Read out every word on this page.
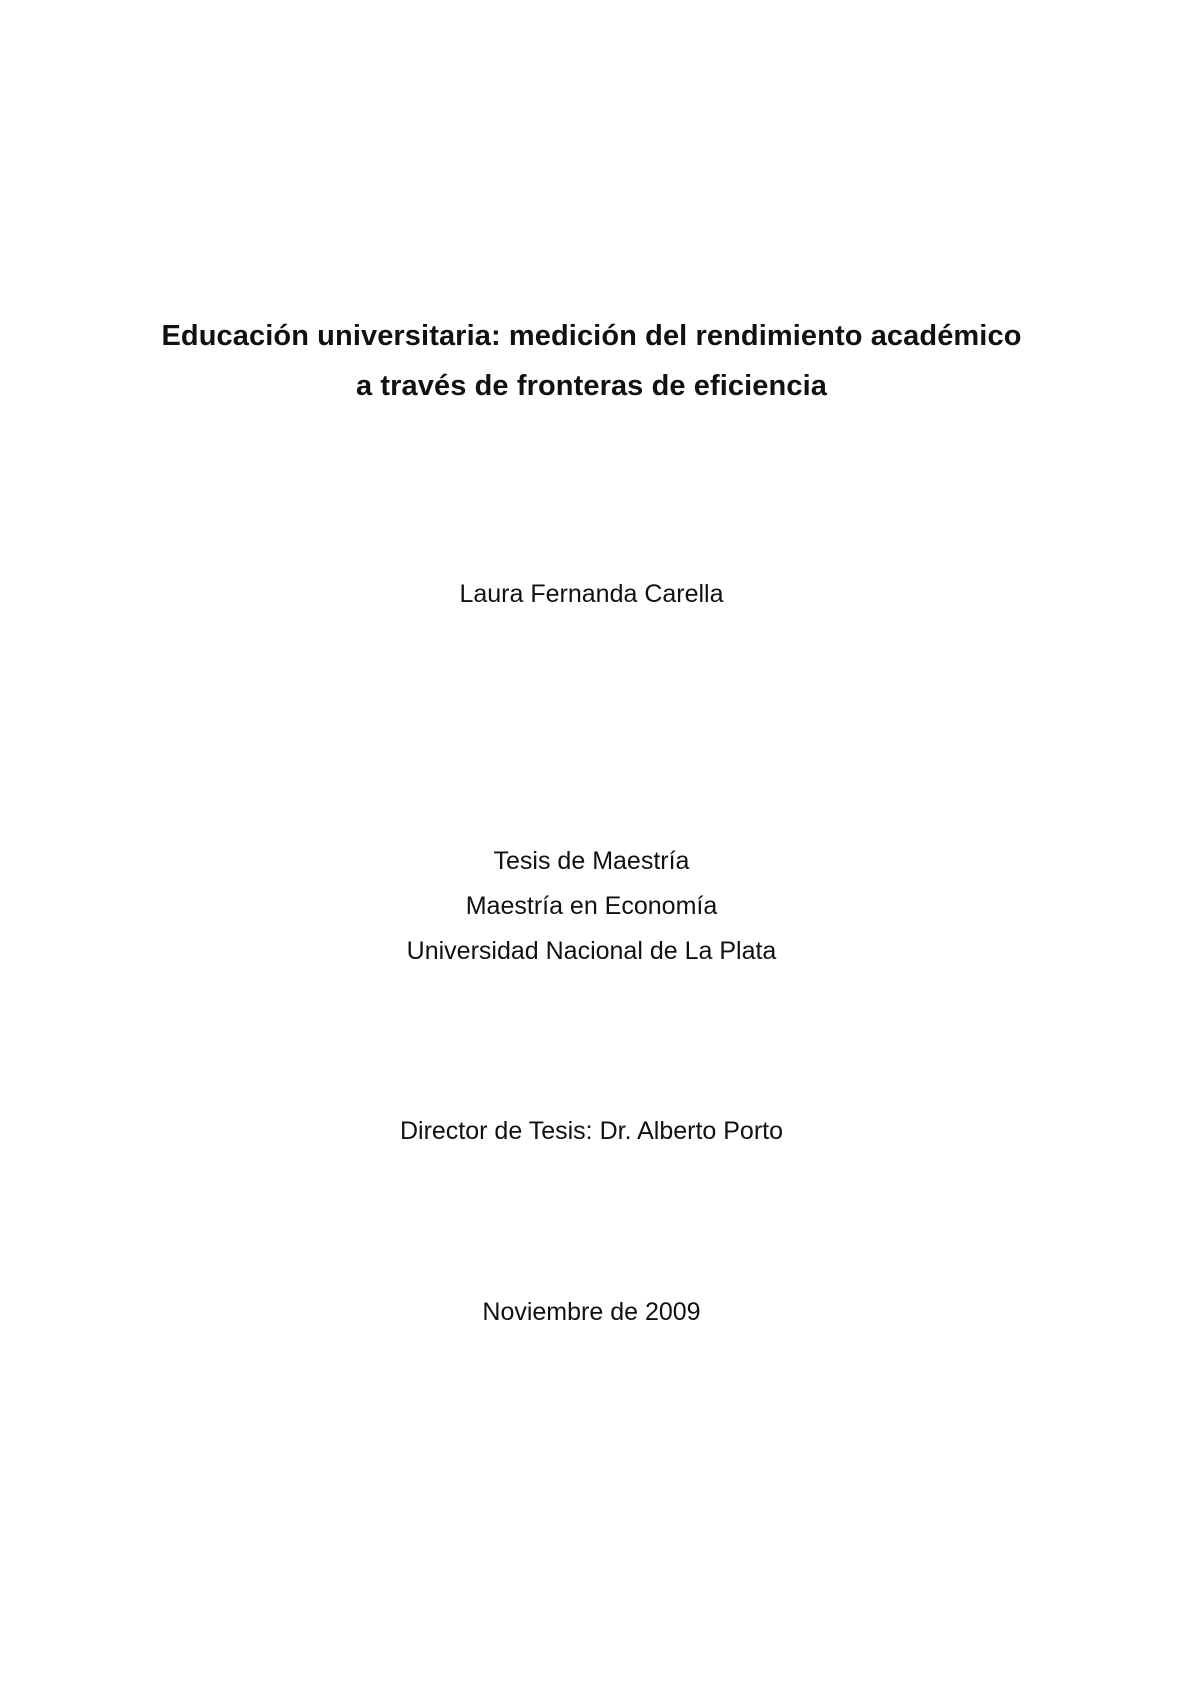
Educación universitaria: medición del rendimiento académico
a través de fronteras de eficiencia
Laura Fernanda Carella
Tesis de Maestría
Maestría en Economía
Universidad Nacional de La Plata
Director de Tesis: Dr. Alberto Porto
Noviembre de 2009
